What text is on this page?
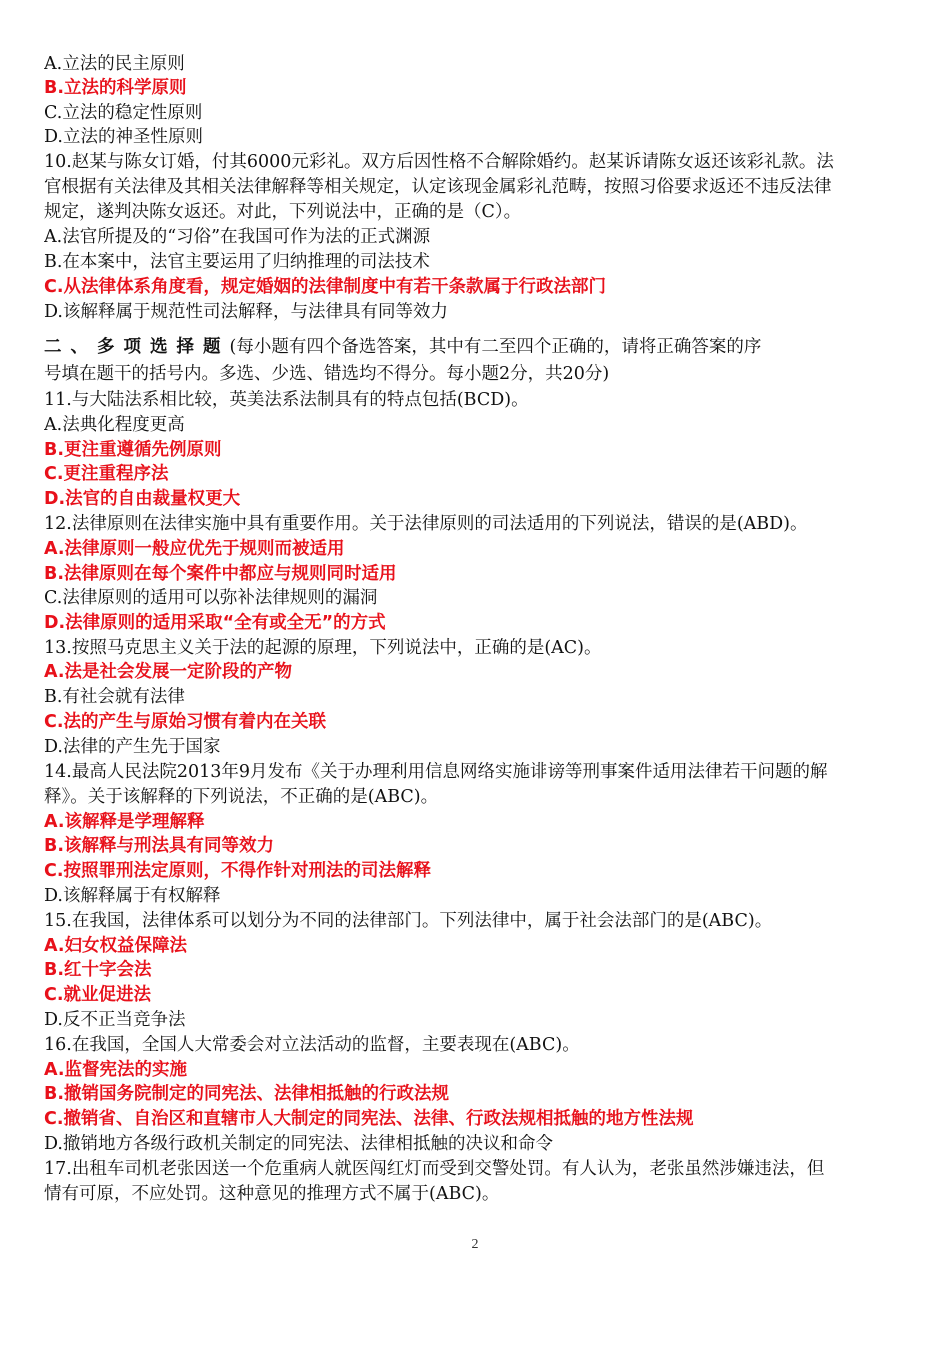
A.立法的民主原则
B.立法的科学原则
C.立法的稳定性原则
D.立法的神圣性原则
10.赵某与陈女订婚，付其6000元彩礼。双方后因性格不合解除婚约。赵某诉请陈女返还该彩礼款。法
官根据有关法律及其相关法律解释等相关规定，认定该现金属彩礼范畴，按照习俗要求返还不违反法律
规定，遂判决陈女返还。对此，下列说法中，正确的是（C）。
A.法官所提及的“习俗”在我国可作为法的正式渊源
B.在本案中，法官主要运用了归纳推理的司法技术
C.从法律体系角度看，规定婚姻的法律制度中有若干条款属于行政法部门
D.该解释属于规范性司法解释，与法律具有同等效力
二、多项选择题(每小题有四个备选答案，其中有二至四个正确的，请将正确答案的序
号填在题干的括号内。多选、少选、错选均不得分。每小题2分，共20分)
11.与大陆法系相比较，英美法系法制具有的特点包括(BCD)。
A.法典化程度更高
B.更注重遵循先例原则
C.更注重程序法
D.法官的自由裁量权更大
12.法律原则在法律实施中具有重要作用。关于法律原则的司法适用的下列说法，错误的是(ABD)。
A.法律原则一般应优先于规则而被适用
B.法律原则在每个案件中都应与规则同时适用
C.法律原则的适用可以弥补法律规则的漏洞
D.法律原则的适用采取“全有或全无”的方式
13.按照马克思主义关于法的起源的原理，下列说法中，正确的是(AC)。
A.法是社会发展一定阶段的产物
B.有社会就有法律
C.法的产生与原始习惯有着内在关联
D.法律的产生先于国家
14.最高人民法院2013年9月发布《关于办理利用信息网络实施诽谤等刑事案件适用法律若干问题的解
释》。关于该解释的下列说法，不正确的是(ABC)。
A.该解释是学理解释
B.该解释与刑法具有同等效力
C.按照罪刑法定原则，不得作针对刑法的司法解释
D.该解释属于有权解释
15.在我国，法律体系可以划分为不同的法律部门。下列法律中，属于社会法部门的是(ABC)。
A.妇女权益保障法
B.红十字会法
C.就业促进法
D.反不正当竞争法
16.在我国，全国人大常委会对立法活动的监督，主要表现在(ABC)。
A.监督宪法的实施
B.撤销国务院制定的同宪法、法律相抵触的行政法规
C.撤销省、自治区和直辖市人大制定的同宪法、法律、行政法规相抵触的地方性法规
D.撤销地方各级行政机关制定的同宪法、法律相抵触的决议和命令
17.出租车司机老张因送一个危重病人就医闯红灯而受到交警处罚。有人认为，老张虽然涉嫌违法，但
情有可原，不应处罚。这种意见的推理方式不属于(ABC)。
2
